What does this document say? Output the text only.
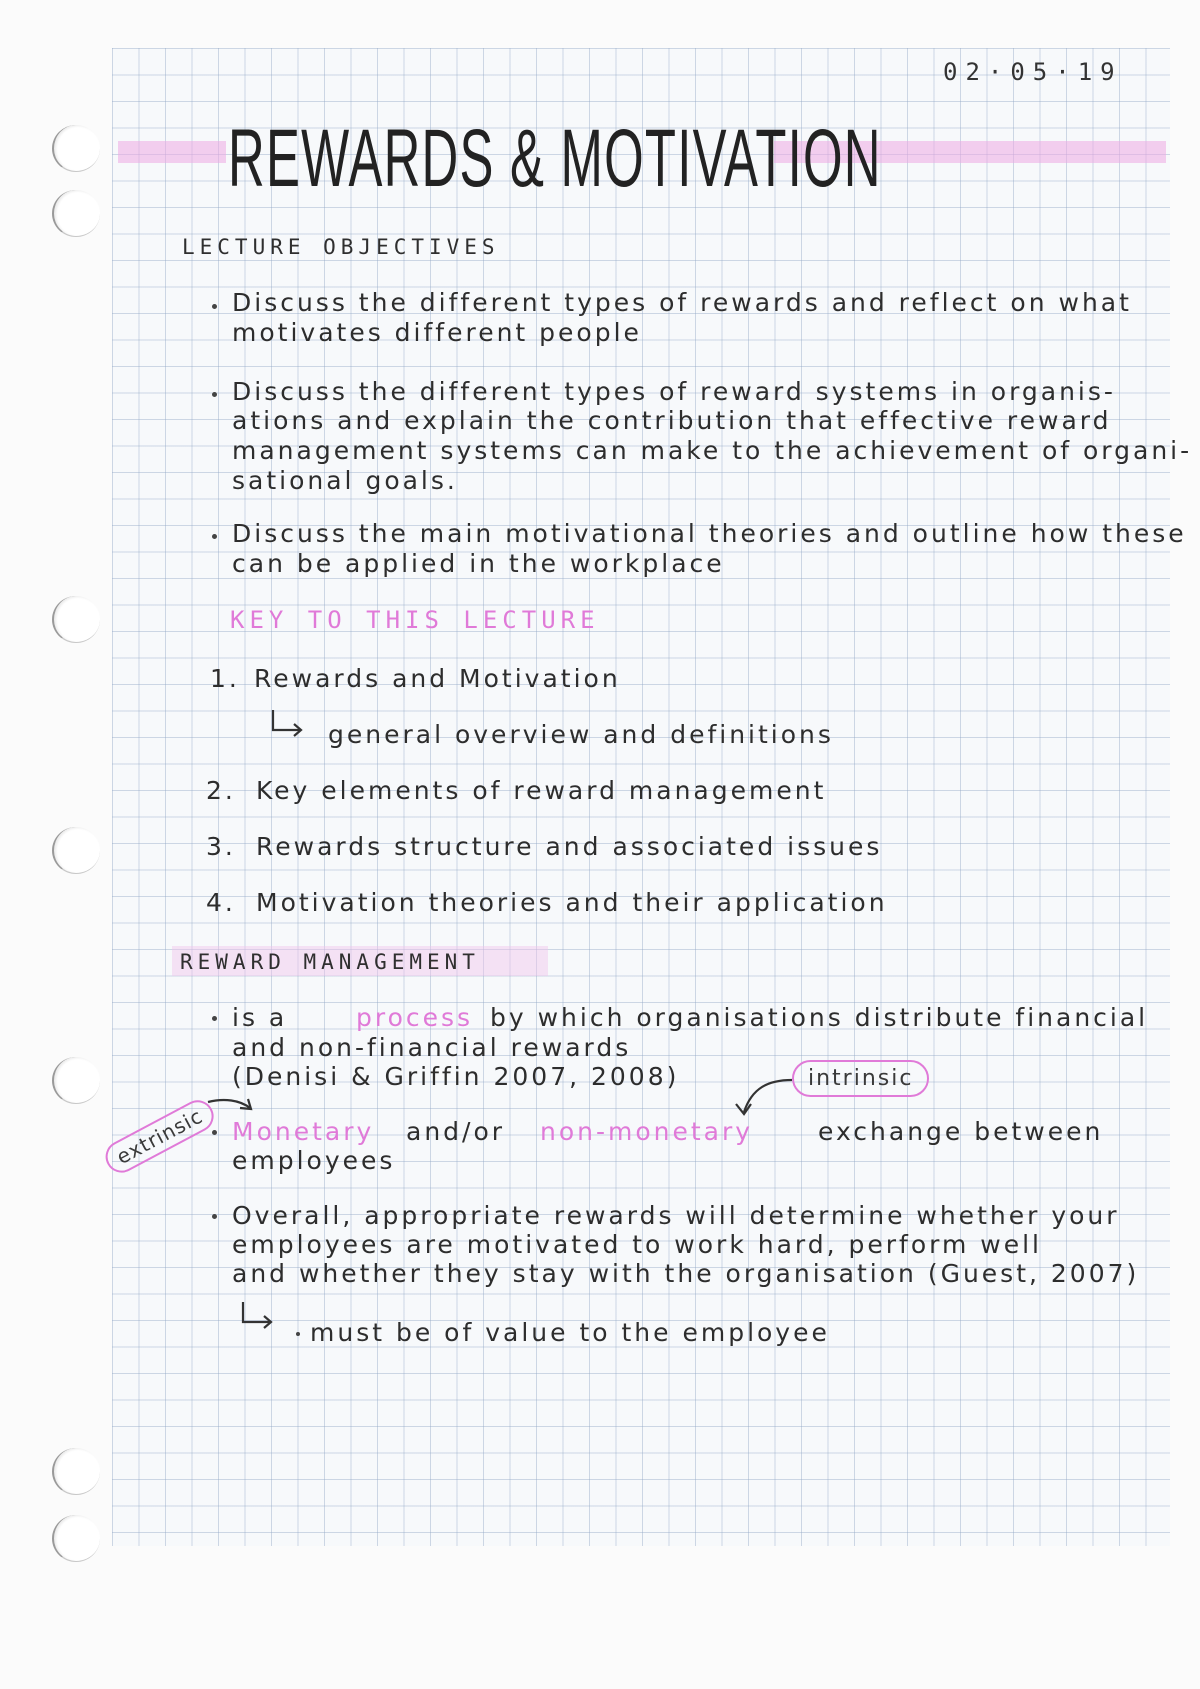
02·05·19
REWARDS & MOTIVATION
LECTURE OBJECTIVES
Discuss the different types of rewards and reflect on what
motivates different people
Discuss the different types of reward systems in organis-
ations and explain the contribution that effective reward
management systems can make to the achievement of organi-
sational goals.
Discuss the main motivational theories and outline how these
can be applied in the workplace
KEY TO THIS LECTURE
1. Rewards and Motivation
general overview and definitions
2. Key elements of reward management
3. Rewards structure and associated issues
4. Motivation theories and their application
REWARD MANAGEMENT
is a	process by which organisations distribute financial
and non-financial rewards
(Denisi & Griffin 2007, 2008)	intrinsic
extrinsic	Monetary and/or non-monetary	exchange between
employees
Overall, appropriate rewards will determine whether your
employees are motivated to work hard, perform well
and whether they stay with the organisation (Guest, 2007)
must be of value to the employee
